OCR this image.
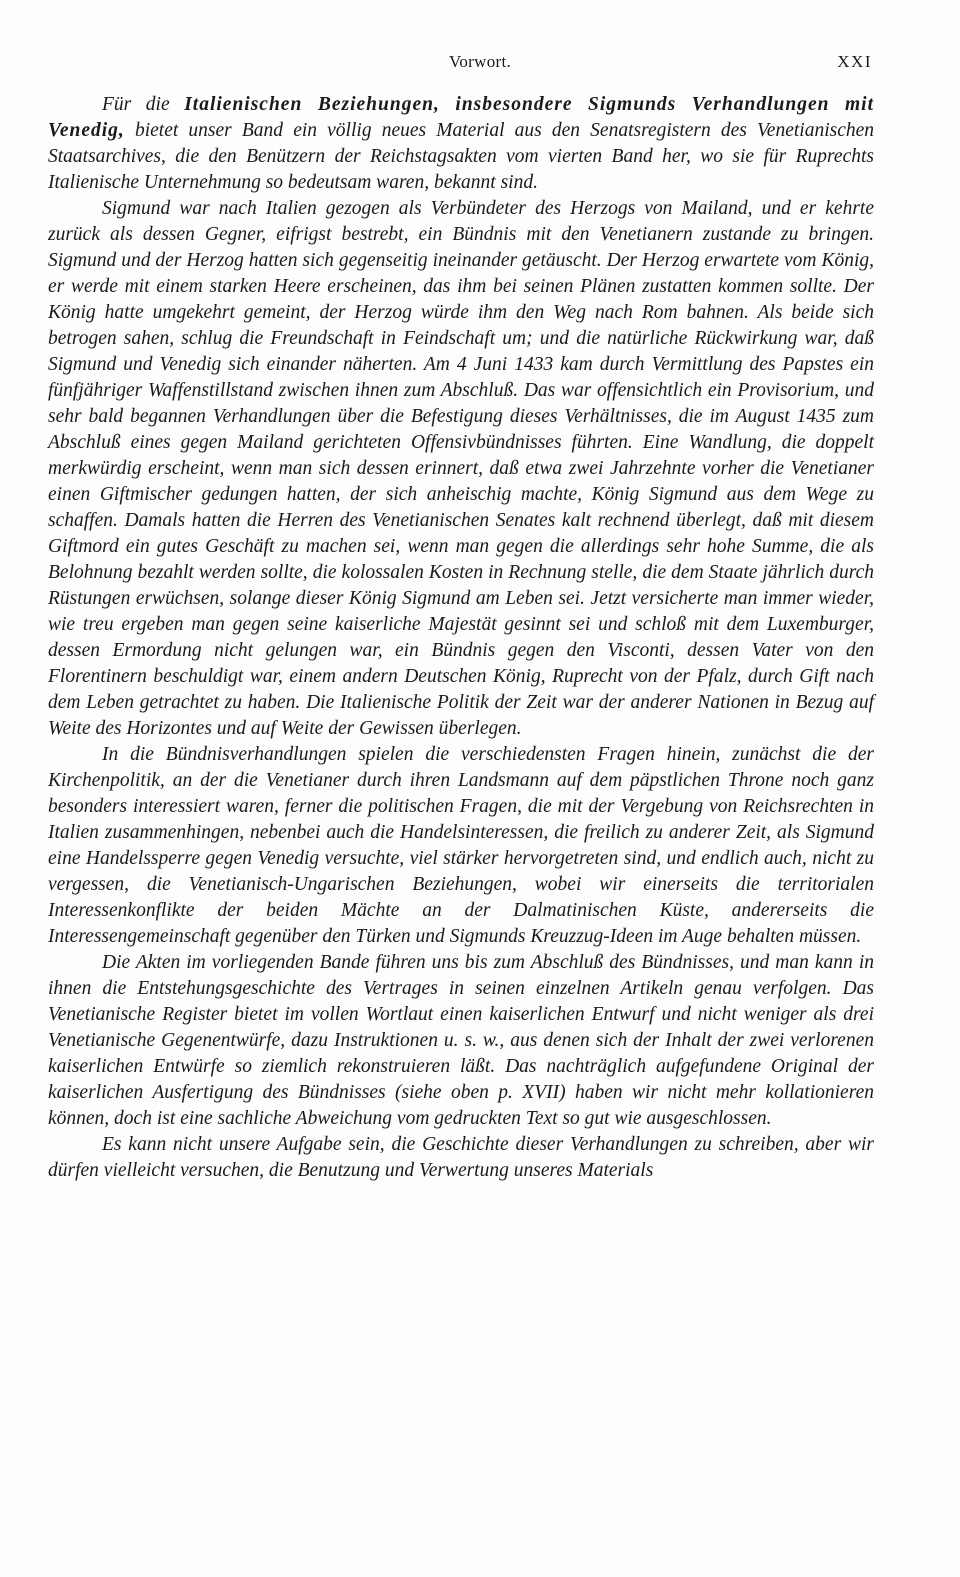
Vorwort.	XXI

Für die Italienischen Beziehungen, insbesondere Sigmunds Verhandlungen mit Venedig, bietet unser Band ein völlig neues Material aus den Senatsregistern des Venetianischen Staatsarchives, die den Benützern der Reichstagsakten vom vierten Band her, wo sie für Ruprechts Italienische Unternehmung so bedeutsam waren, bekannt sind.

Sigmund war nach Italien gezogen als Verbündeter des Herzogs von Mailand, und er kehrte zurück als dessen Gegner, eifrigst bestrebt, ein Bündnis mit den Venetianern zustande zu bringen. Sigmund und der Herzog hatten sich gegenseitig ineinander getäuscht. Der Herzog erwartete vom König, er werde mit einem starken Heere erscheinen, das ihm bei seinen Plänen zustatten kommen sollte. Der König hatte umgekehrt gemeint, der Herzog würde ihm den Weg nach Rom bahnen. Als beide sich betrogen sahen, schlug die Freundschaft in Feindschaft um; und die natürliche Rückwirkung war, daß Sigmund und Venedig sich einander näherten. Am 4 Juni 1433 kam durch Vermittlung des Papstes ein fünfjähriger Waffenstillstand zwischen ihnen zum Abschluß. Das war offensichtlich ein Provisorium, und sehr bald begannen Verhandlungen über die Befestigung dieses Verhältnisses, die im August 1435 zum Abschluß eines gegen Mailand gerichteten Offensivbündnisses führten. Eine Wandlung, die doppelt merkwürdig erscheint, wenn man sich dessen erinnert, daß etwa zwei Jahrzehnte vorher die Venetianer einen Giftmischer gedungen hatten, der sich anheischig machte, König Sigmund aus dem Wege zu schaffen. Damals hatten die Herren des Venetianischen Senates kalt rechnend überlegt, daß mit diesem Giftmord ein gutes Geschäft zu machen sei, wenn man gegen die allerdings sehr hohe Summe, die als Belohnung bezahlt werden sollte, die kolossalen Kosten in Rechnung stelle, die dem Staate jährlich durch Rüstungen erwüchsen, solange dieser König Sigmund am Leben sei. Jetzt versicherte man immer wieder, wie treu ergeben man gegen seine kaiserliche Majestät gesinnt sei und schloß mit dem Luxemburger, dessen Ermordung nicht gelungen war, ein Bündnis gegen den Visconti, dessen Vater von den Florentinern beschuldigt war, einem andern Deutschen König, Ruprecht von der Pfalz, durch Gift nach dem Leben getrachtet zu haben. Die Italienische Politik der Zeit war der anderer Nationen in Bezug auf Weite des Horizontes und auf Weite der Gewissen überlegen.

In die Bündnisverhandlungen spielen die verschiedensten Fragen hinein, zunächst die der Kirchenpolitik, an der die Venetianer durch ihren Landsmann auf dem päpstlichen Throne noch ganz besonders interessiert waren, ferner die politischen Fragen, die mit der Vergebung von Reichsrechten in Italien zusammenhingen, nebenbei auch die Handelsinteressen, die freilich zu anderer Zeit, als Sigmund eine Handelssperre gegen Venedig versuchte, viel stärker hervorgetreten sind, und endlich auch, nicht zu vergessen, die Venetianisch-Ungarischen Beziehungen, wobei wir einerseits die territorialen Interessenkonflikte der beiden Mächte an der Dalmatinischen Küste, andererseits die Interessengemeinschaft gegenüber den Türken und Sigmunds Kreuzzug-Ideen im Auge behalten müssen.

Die Akten im vorliegenden Bande führen uns bis zum Abschluß des Bündnisses, und man kann in ihnen die Entstehungsgeschichte des Vertrages in seinen einzelnen Artikeln genau verfolgen. Das Venetianische Register bietet im vollen Wortlaut einen kaiserlichen Entwurf und nicht weniger als drei Venetianische Gegenentwürfe, dazu Instruktionen u. s. w., aus denen sich der Inhalt der zwei verlorenen kaiserlichen Entwürfe so ziemlich rekonstruieren läßt. Das nachträglich aufgefundene Original der kaiserlichen Ausfertigung des Bündnisses (siehe oben p. XVII) haben wir nicht mehr kollationieren können, doch ist eine sachliche Abweichung vom gedruckten Text so gut wie ausgeschlossen.

Es kann nicht unsere Aufgabe sein, die Geschichte dieser Verhandlungen zu schreiben, aber wir dürfen vielleicht versuchen, die Benutzung und Verwertung unseres Materials
